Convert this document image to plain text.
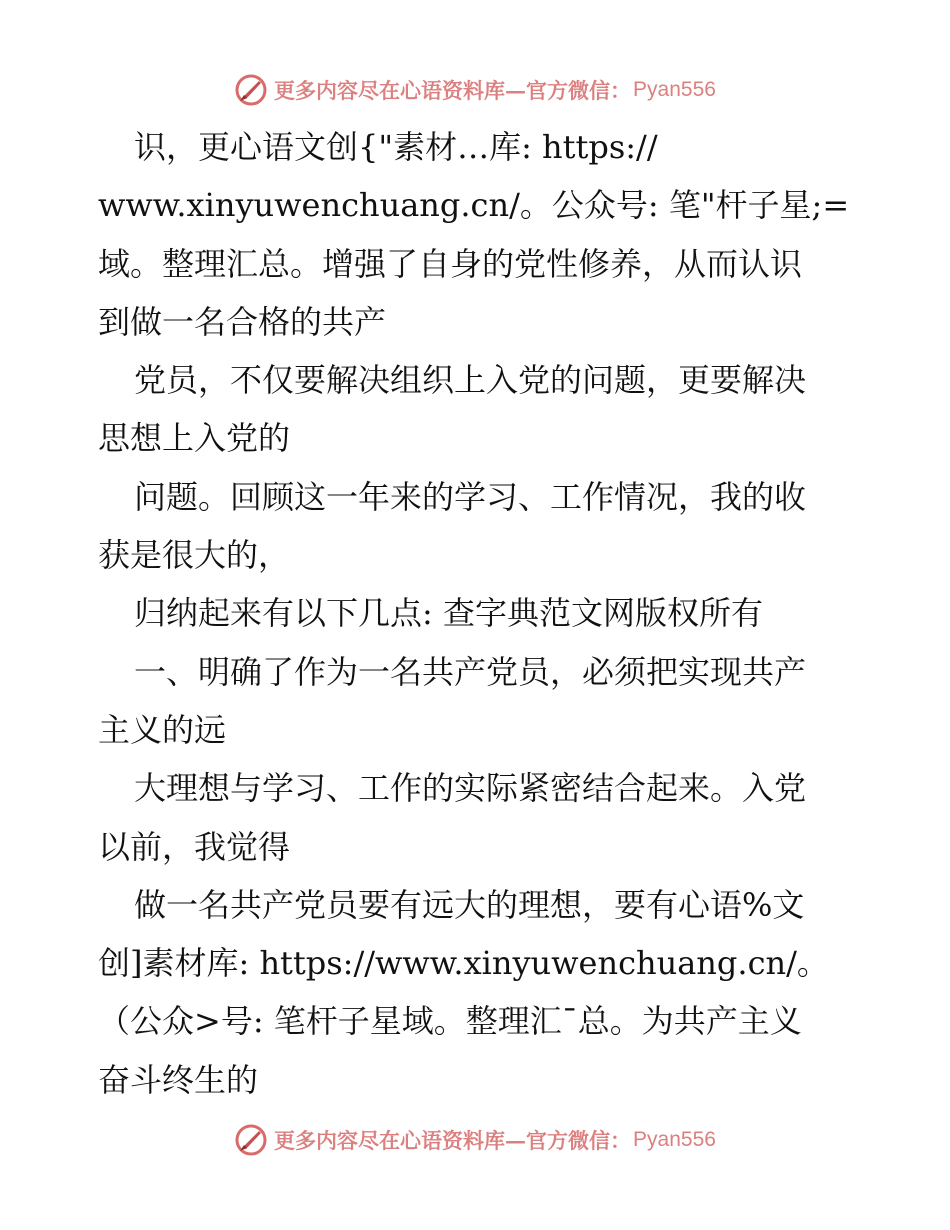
更多内容尽在心语资料库—官方微信： Pyan556
识，更心语文创{"素材…库: https://
www.xinyuwenchuang.cn/。公众号: 笔"杆子星;=
域。整理汇总。增强了自身的党性修养，从而认识
到做一名合格的共产
党员，不仅要解决组织上入党的问题，更要解决
思想上入党的
问题。回顾这一年来的学习、工作情况，我的收
获是很大的，
归纳起来有以下几点: 查字典范文网版权所有
一、明确了作为一名共产党员，必须把实现共产
主义的远
大理想与学习、工作的实际紧密结合起来。入党
以前，我觉得
做一名共产党员要有远大的理想，要有心语%文
创]素材库: https://www.xinyuwenchuang.cn/。
（公众>号: 笔杆子星域。整理汇¯总。为共产主义
奋斗终生的
更多内容尽在心语资料库—官方微信： Pyan556
